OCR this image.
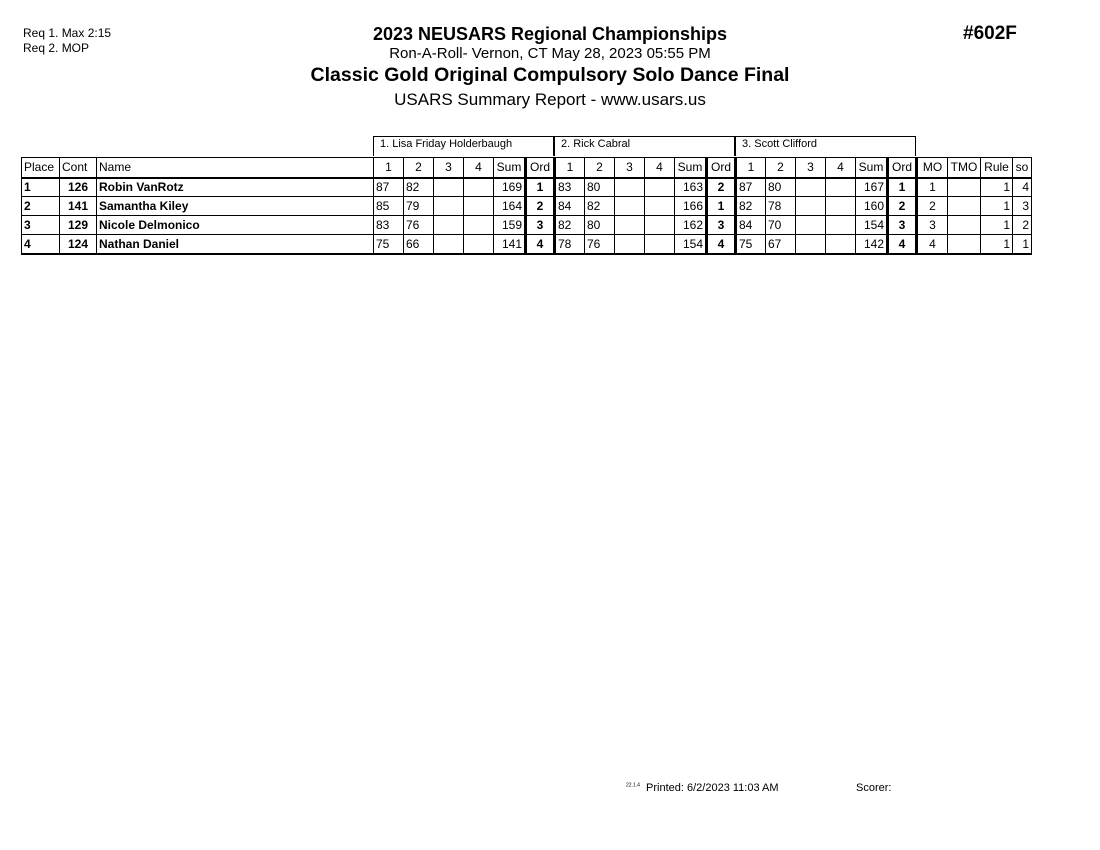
Req 1. Max 2:15
Req 2. MOP
#602F
2023 NEUSARS Regional Championships
Ron-A-Roll- Vernon, CT May 28, 2023 05:55 PM
Classic Gold Original Compulsory Solo Dance Final
USARS Summary Report - www.usars.us
1. Lisa Friday Holderbaugh	2. Rick Cabral	3. Scott Clifford
Place	Cont	Name	1	2	3	4	Sum	Ord	1	2	3	4	Sum	Ord	1	2	3	4	Sum	Ord	MO	TMO	Rule	so
1	126	Robin VanRotz	87	82			169	1	83	80			163	2	87	80			167	1	1		1	4
2	141	Samantha Kiley	85	79			164	2	84	82			166	1	82	78			160	2	2		1	3
3	129	Nicole Delmonico	83	76			159	3	82	80			162	3	84	70			154	3	3		1	2
4	124	Nathan Daniel	75	66			141	4	78	76			154	4	75	67			142	4	4		1	1
$^{22.1.4}$ Printed: 6/2/2023 11:03 AM	Scorer:
